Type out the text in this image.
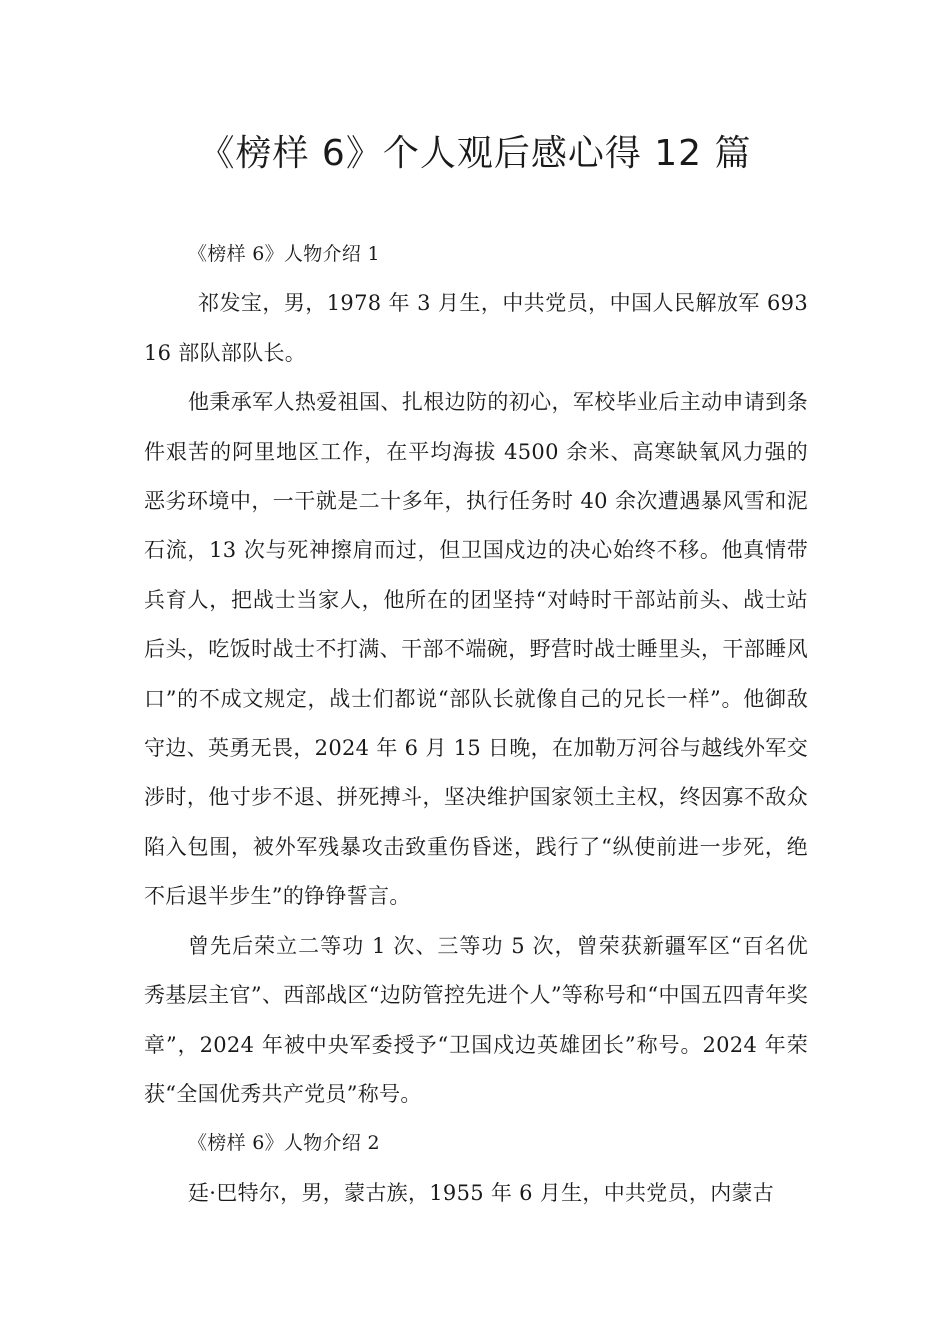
《榜样 6》个人观后感心得 12 篇

《榜样 6》人物介绍 1

祁发宝，男，1978 年 3 月生，中共党员，中国人民解放军 69316 部队部队长。

他秉承军人热爱祖国、扎根边防的初心，军校毕业后主动申请到条件艰苦的阿里地区工作，在平均海拔 4500 余米、高寒缺氧风力强的恶劣环境中，一干就是二十多年，执行任务时 40 余次遭遇暴风雪和泥石流，13 次与死神擦肩而过，但卫国戍边的决心始终不移。他真情带兵育人，把战士当家人，他所在的团坚持“对峙时干部站前头、战士站后头，吃饭时战士不打满、干部不端碗，野营时战士睡里头，干部睡风口”的不成文规定，战士们都说“部队长就像自己的兄长一样”。他御敌守边、英勇无畏，2024 年 6 月 15 日晚，在加勒万河谷与越线外军交涉时，他寸步不退、拼死搏斗，坚决维护国家领土主权，终因寡不敌众陷入包围，被外军残暴攻击致重伤昏迷，践行了“纵使前进一步死，绝不后退半步生”的铮铮誓言。

曾先后荣立二等功 1 次、三等功 5 次，曾荣获新疆军区“百名优秀基层主官”、西部战区“边防管控先进个人”等称号和“中国五四青年奖章”，2024 年被中央军委授予“卫国戍边英雄团长”称号。2024 年荣获“全国优秀共产党员”称号。

《榜样 6》人物介绍 2

廷·巴特尔，男，蒙古族，1955 年 6 月生，中共党员，内蒙古
